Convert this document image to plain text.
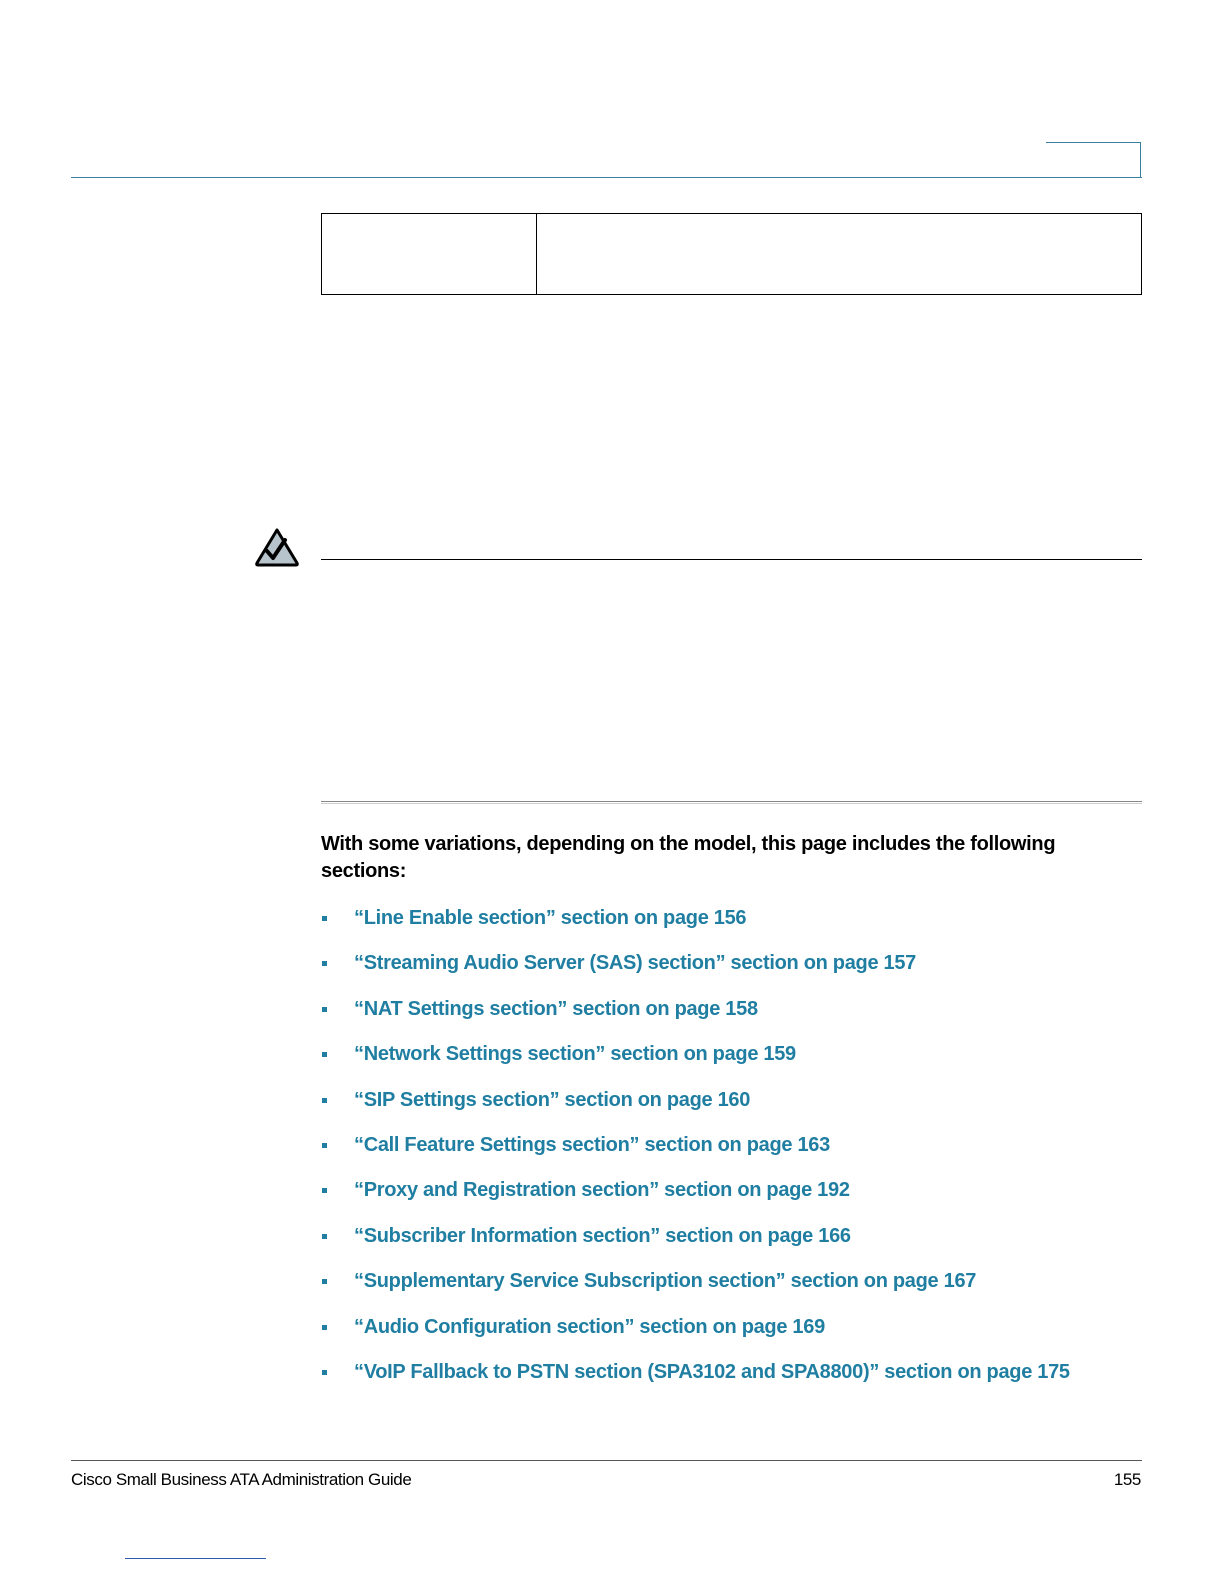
With some variations, depending on the model, this page includes the following sections:

“Line Enable section” section on page 156
“Streaming Audio Server (SAS) section” section on page 157
“NAT Settings section” section on page 158
“Network Settings section” section on page 159
“SIP Settings section” section on page 160
“Call Feature Settings section” section on page 163
“Proxy and Registration section” section on page 192
“Subscriber Information section” section on page 166
“Supplementary Service Subscription section” section on page 167
“Audio Configuration section” section on page 169
“VoIP Fallback to PSTN section (SPA3102 and SPA8800)” section on page 175
Cisco Small Business ATA Administration Guide	155
